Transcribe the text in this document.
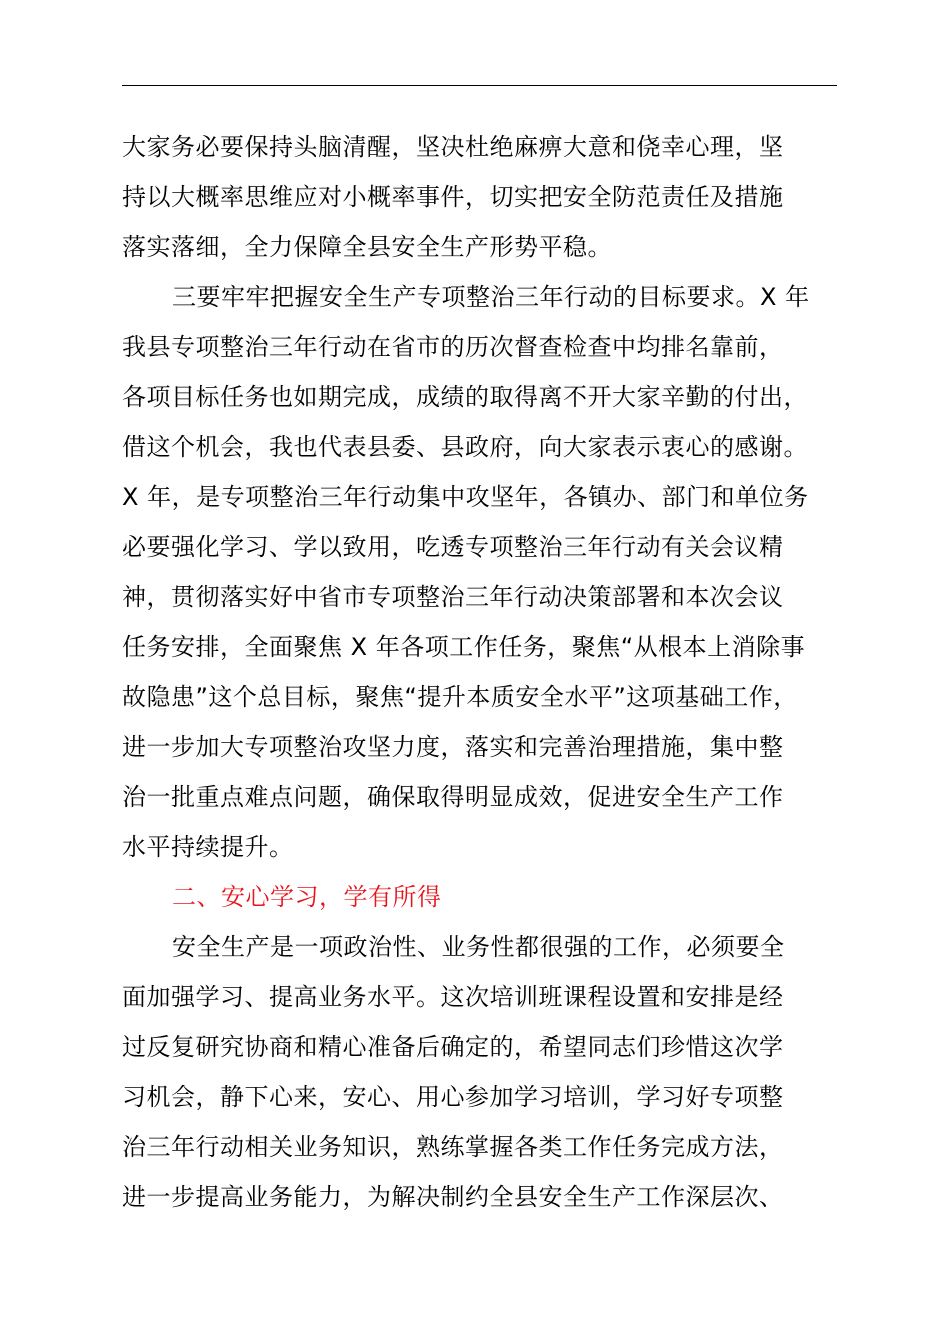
大家务必要保持头脑清醒，坚决杜绝麻痹大意和侥幸心理，坚
持以大概率思维应对小概率事件，切实把安全防范责任及措施
落实落细，全力保障全县安全生产形势平稳。
三要牢牢把握安全生产专项整治三年行动的目标要求。X 年
我县专项整治三年行动在省市的历次督查检查中均排名靠前，
各项目标任务也如期完成，成绩的取得离不开大家辛勤的付出，
借这个机会，我也代表县委、县政府，向大家表示衷心的感谢。
X 年，是专项整治三年行动集中攻坚年，各镇办、部门和单位务
必要强化学习、学以致用，吃透专项整治三年行动有关会议精
神，贯彻落实好中省市专项整治三年行动决策部署和本次会议
任务安排，全面聚焦 X 年各项工作任务，聚焦“从根本上消除事
故隐患”这个总目标，聚焦“提升本质安全水平”这项基础工作，
进一步加大专项整治攻坚力度，落实和完善治理措施，集中整
治一批重点难点问题，确保取得明显成效，促进安全生产工作
水平持续提升。
二、安心学习，学有所得
安全生产是一项政治性、业务性都很强的工作，必须要全
面加强学习、提高业务水平。这次培训班课程设置和安排是经
过反复研究协商和精心准备后确定的，希望同志们珍惜这次学
习机会，静下心来，安心、用心参加学习培训，学习好专项整
治三年行动相关业务知识，熟练掌握各类工作任务完成方法，
进一步提高业务能力，为解决制约全县安全生产工作深层次、
